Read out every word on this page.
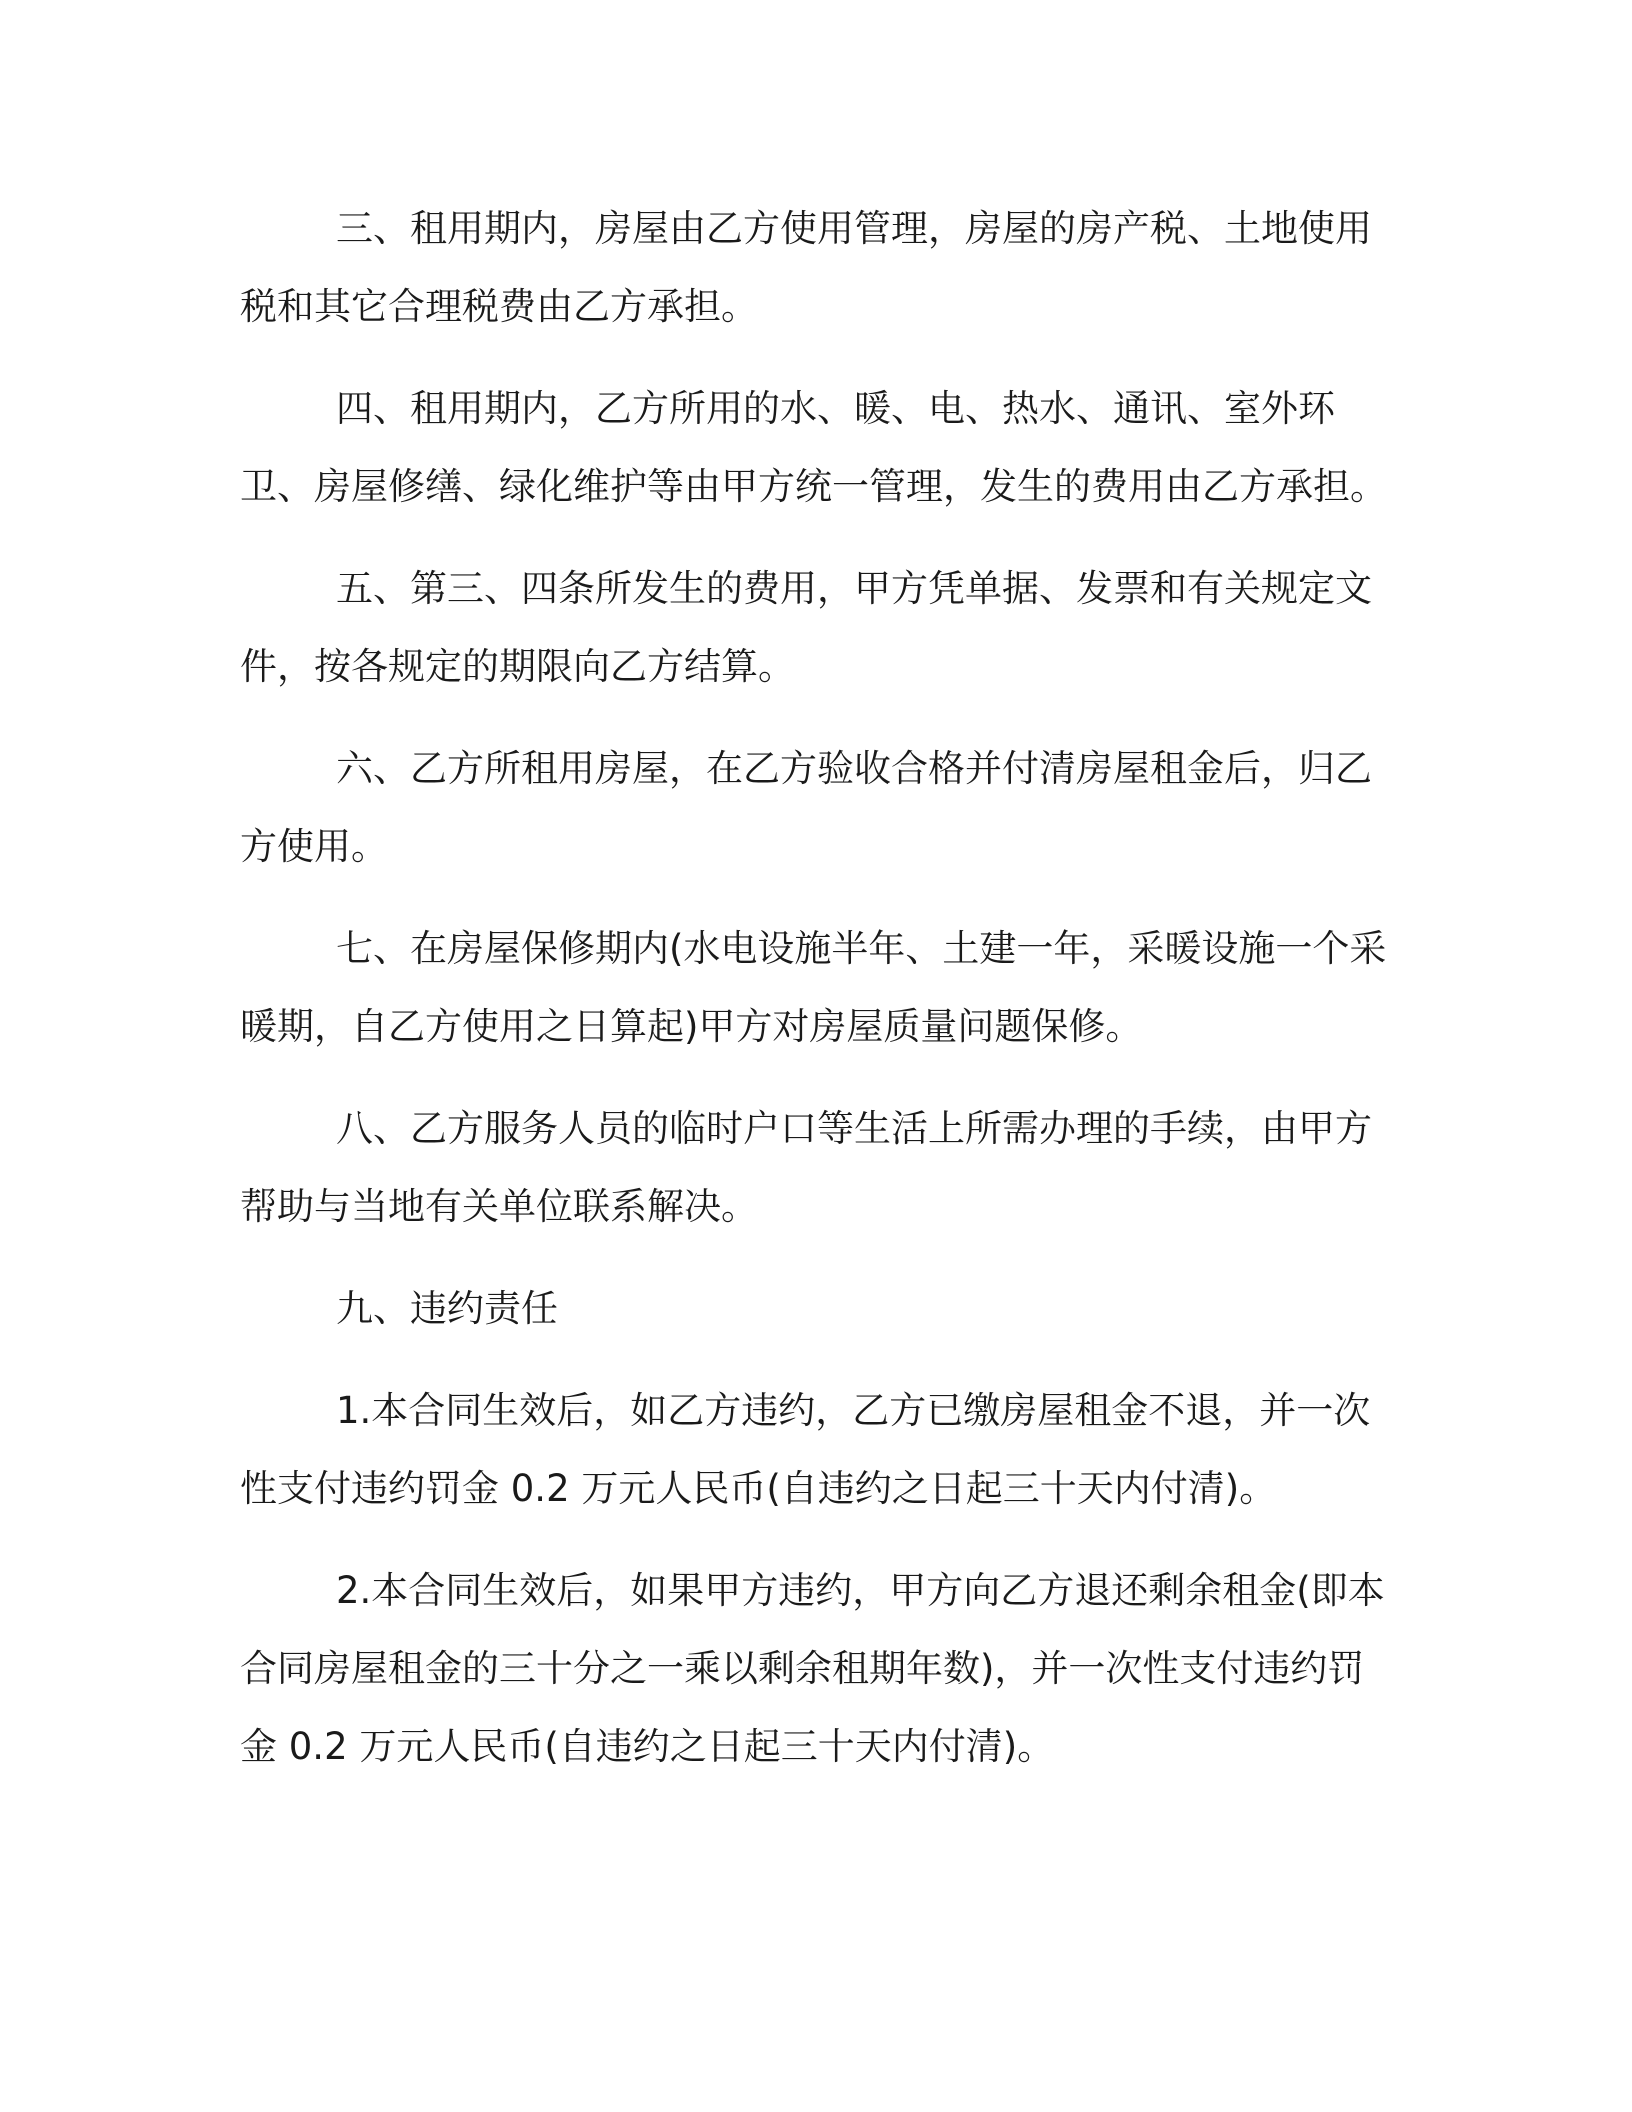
三、租用期内，房屋由乙方使用管理，房屋的房产税、土地使用税和其它合理税费由乙方承担。

四、租用期内，乙方所用的水、暖、电、热水、通讯、室外环卫、房屋修缮、绿化维护等由甲方统一管理，发生的费用由乙方承担。

五、第三、四条所发生的费用，甲方凭单据、发票和有关规定文件，按各规定的期限向乙方结算。

六、乙方所租用房屋，在乙方验收合格并付清房屋租金后，归乙方使用。

七、在房屋保修期内(水电设施半年、土建一年，采暖设施一个采暖期，自乙方使用之日算起)甲方对房屋质量问题保修。

八、乙方服务人员的临时户口等生活上所需办理的手续，由甲方帮助与当地有关单位联系解决。

九、违约责任

1.本合同生效后，如乙方违约，乙方已缴房屋租金不退，并一次性支付违约罚金 0.2 万元人民币(自违约之日起三十天内付清)。

2.本合同生效后，如果甲方违约，甲方向乙方退还剩余租金(即本合同房屋租金的三十分之一乘以剩余租期年数)，并一次性支付违约罚金 0.2 万元人民币(自违约之日起三十天内付清)。
